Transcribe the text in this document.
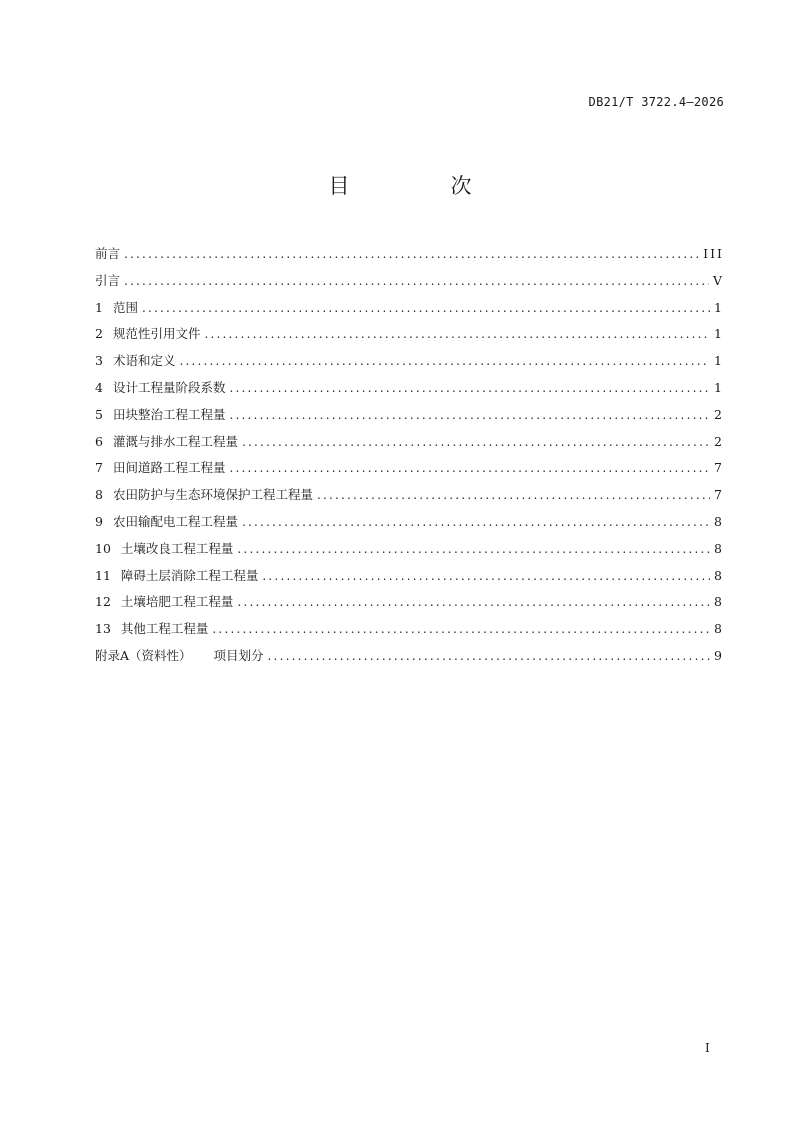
DB21/T 3722.4—2026
目　次
前言 .....	III
引言 .....	V
1 范围 .....	1
2 规范性引用文件 .....	1
3 术语和定义 .....	1
4 设计工程量阶段系数 .....	1
5 田块整治工程工程量 .....	2
6 灌溉与排水工程工程量 .....	2
7 田间道路工程工程量 .....	7
8 农田防护与生态环境保护工程工程量 .....	7
9 农田输配电工程工程量 .....	8
10 土壤改良工程工程量 .....	8
11 障碍土层消除工程工程量 .....	8
12 土壤培肥工程工程量 .....	8
13 其他工程工程量 .....	8
附录A（资料性） 项目划分 .....	9
I
